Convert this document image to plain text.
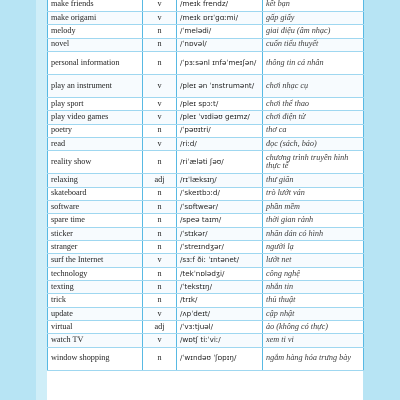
make friends	v	/meɪk frendz/	kết bạn
make origami	v	/meɪk ɒrɪˈɡɑːmi/	gấp giấy
melody	n	/ˈmelədi/	giai điệu (âm nhạc)
novel	n	/ˈnɒvəl/	cuốn tiểu thuyết
personal information	n	/ˈpɜːsənl ɪnfəˈmeɪʃən/	thông tin cá nhân
play an instrument	v	/pleɪ ən ˈɪnstrumənt/	chơi nhạc cụ
play sport	v	/pleɪ spɔːt/	chơi thể thao
play video games	v	/pleɪ ˈvɪdiəʊ ɡeɪmz/	chơi điện tử
poetry	n	/ˈpəʊɪtri/	thơ ca
read	v	/riːd/	đọc (sách, báo)
reality show	n	/riˈæləti ʃəʊ/	chương trình truyền hình thực tế
relaxing	adj	/rɪˈlæksɪŋ/	thư giãn
skateboard	n	/ˈskeɪtbɔːd/	trò lướt ván
software	n	/ˈsɒftweər/	phần mềm
spare time	n	/speə taɪm/	thời gian rảnh
sticker	n	/ˈstɪkər/	nhãn dán có hình
stranger	n	/ˈstreɪndʒər/	người lạ
surf the Internet	v	/sɜːf ðiː ˈɪntənet/	lướt net
technology	n	/tekˈnɒlədʒi/	công nghệ
texting	n	/ˈtekstɪŋ/	nhắn tin
trick	n	/trɪk/	thủ thuật
update	v	/ʌpˈdeɪt/	cập nhật
virtual	adj	/ˈvɜːtjuəl/	ảo (không có thực)
watch TV	v	/wɒtʃ tiːˈviː/	xem ti vi
window shopping	n	/ˈwɪndəʊ ˈʃɒpɪŋ/	ngắm hàng hóa trưng bày
